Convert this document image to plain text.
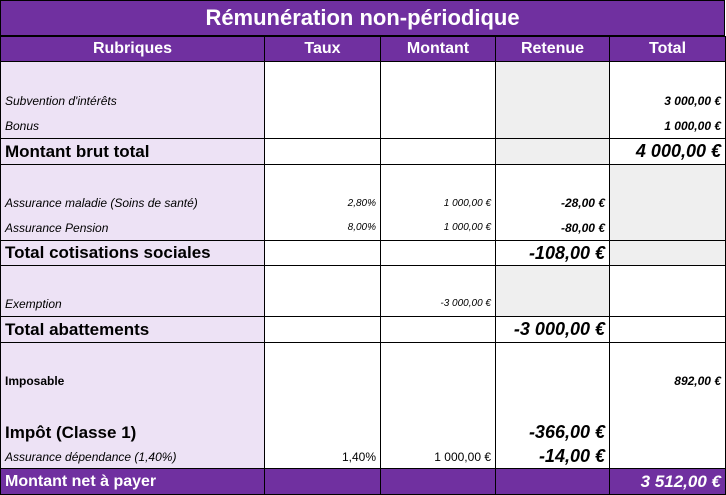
Rémunération non-périodique
Rubriques	Taux	Montant	Retenue	Total

Subvention d'intérêts				3 000,00 €
Bonus				1 000,00 €
Montant brut total				4 000,00 €

Assurance maladie (Soins de santé)	2,80%	1 000,00 €	-28,00 €	
Assurance Pension	8,00%	1 000,00 €	-80,00 €	
Total cotisations sociales			-108,00 €	

Exemption		-3 000,00 €		
Total abattements			-3 000,00 €	

Imposable				892,00 €

Impôt (Classe 1)			-366,00 €	
Assurance dépendance (1,40%)	1,40%	1 000,00 €	-14,00 €	
Montant net à payer				3 512,00 €
